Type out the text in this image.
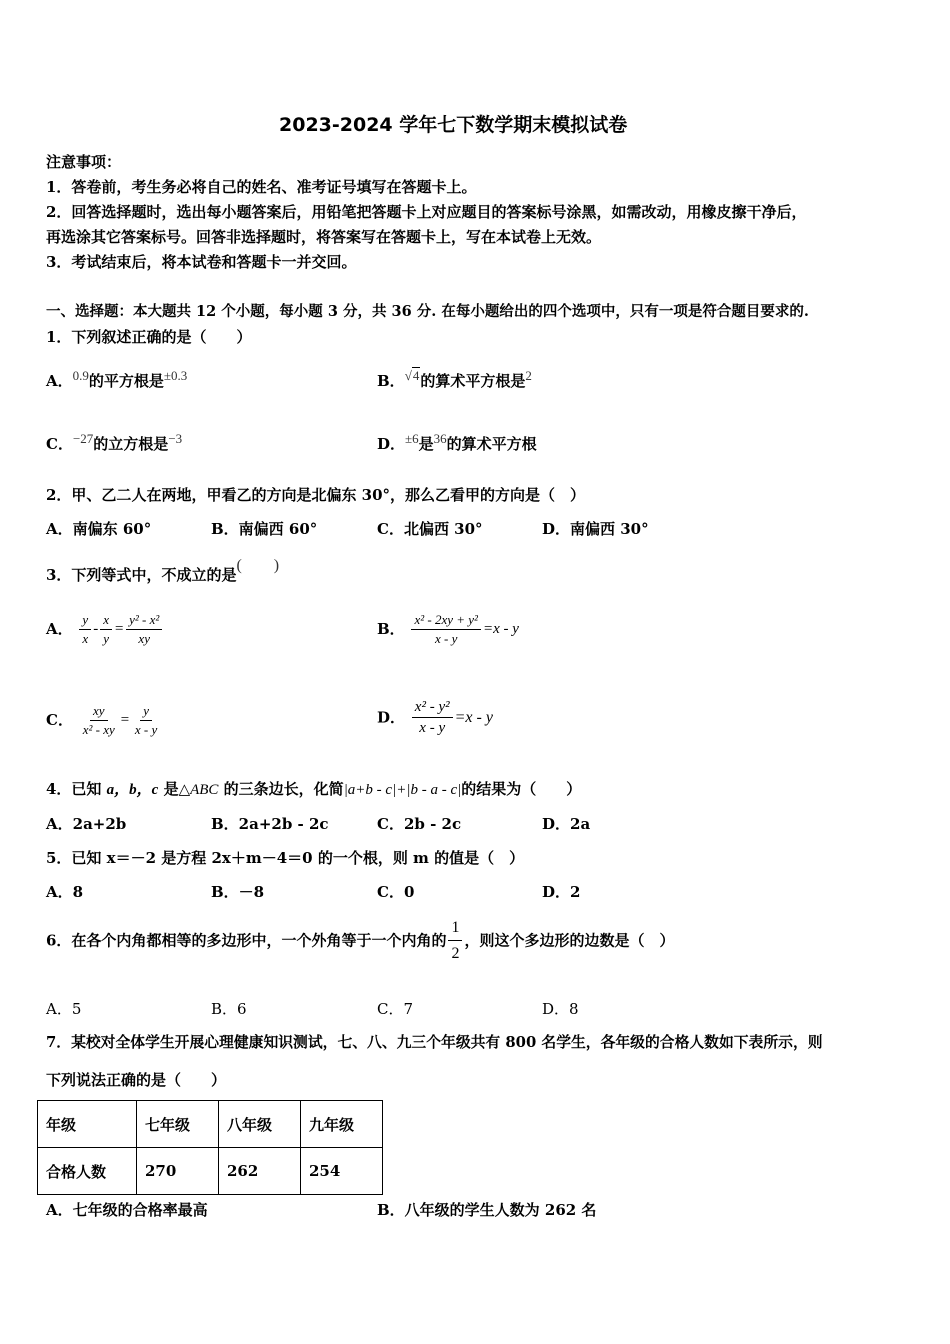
2023-2024 学年七下数学期末模拟试卷
注意事项：
1．答卷前，考生务必将自己的姓名、准考证号填写在答题卡上。
2．回答选择题时，选出每小题答案后，用铅笔把答题卡上对应题目的答案标号涂黑，如需改动，用橡皮擦干净后，
再选涂其它答案标号。回答非选择题时，将答案写在答题卡上，写在本试卷上无效。
3．考试结束后，将本试卷和答题卡一并交回。
一、选择题：本大题共 12 个小题，每小题 3 分，共 36 分. 在每小题给出的四个选项中，只有一项是符合题目要求的.
1．下列叙述正确的是（　　）
A．0.9的平方根是±0.3	B．√4的算术平方根是2
C．−27的立方根是−3	D．±6是36的算术平方根
2．甲、乙二人在两地，甲看乙的方向是北偏东 30°，那么乙看甲的方向是（　）
A．南偏东 60°	B．南偏西 60°	C．北偏西 30°	D．南偏西 30°
3．下列等式中，不成立的是(　　)
A． $\frac{y}{x} - \frac{x}{y} = \frac{\text{y² - x²}}{xy}$	B． $\frac{\text{x² - 2xy + y²}}{x - y} =x - y$
C． $\frac{xy}{\text{x² - xy}} = \frac{y}{x - y}$	D． $\frac{\text{x² - y²}}{x - y} =x - y$
4．已知 a，b，c 是△ABC 的三条边长，化简|a+b - c|+|b - a - c|的结果为（　　）
A．2a+2b	B．2a+2b - 2c	C．2b - 2c	D．2a
5．已知 x＝－2 是方程 2x＋m－4＝0 的一个根，则 m 的值是（　）
A．8	B．－8	C．0	D．2
6．在各个内角都相等的多边形中，一个外角等于一个内角的 $\frac{1}{2}$ ，则这个多边形的边数是（　）
A．5	B．6	C．7	D．8
7．某校对全体学生开展心理健康知识测试，七、八、九三个年级共有 800 名学生，各年级的合格人数如下表所示，则
下列说法正确的是（　　）
年级	七年级	八年级	九年级
合格人数	270	262	254
A．七年级的合格率最高	B．八年级的学生人数为 262 名
